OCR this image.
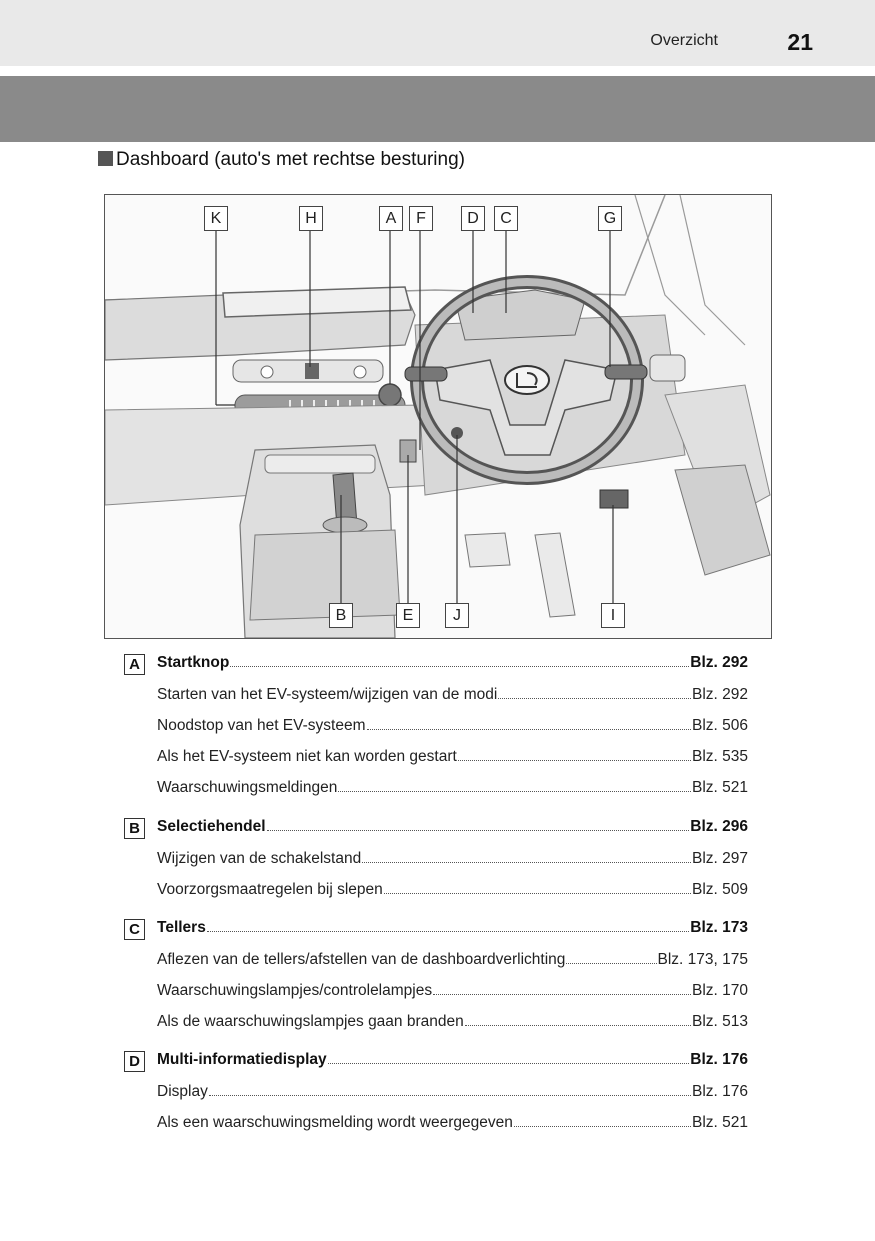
Overzicht	21
Dashboard (auto's met rechtse besturing)
K	H	A	F	D	C	G
B	E	J	I
A	Startknop	Blz. 292
Starten van het EV-systeem/wijzigen van de modi	Blz. 292
Noodstop van het EV-systeem	Blz. 506
Als het EV-systeem niet kan worden gestart	Blz. 535
Waarschuwingsmeldingen	Blz. 521
B	Selectiehendel	Blz. 296
Wijzigen van de schakelstand	Blz. 297
Voorzorgsmaatregelen bij slepen	Blz. 509
C	Tellers	Blz. 173
Aflezen van de tellers/afstellen van de dashboardverlichting	Blz. 173, 175
Waarschuwingslampjes/controlelampjes	Blz. 170
Als de waarschuwingslampjes gaan branden	Blz. 513
D	Multi-informatiedisplay	Blz. 176
Display	Blz. 176
Als een waarschuwingsmelding wordt weergegeven	Blz. 521
